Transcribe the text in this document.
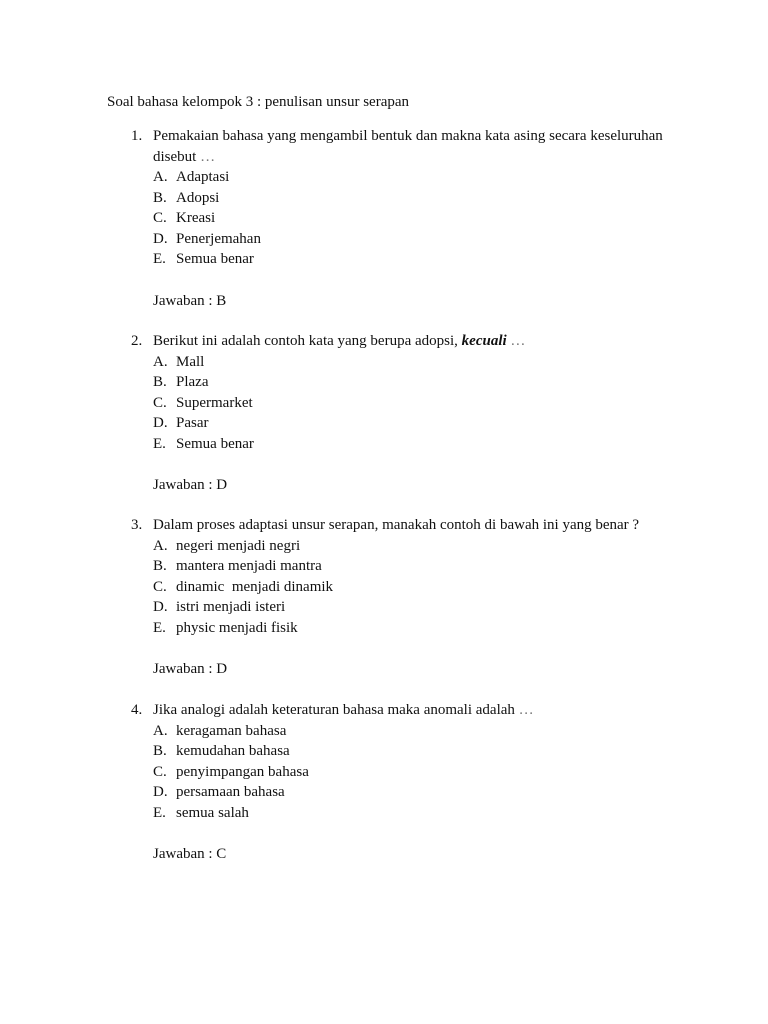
Soal bahasa kelompok 3 : penulisan unsur serapan
1. Pemakaian bahasa yang mengambil bentuk dan makna kata asing secara keseluruhan disebut …
A. Adaptasi
B. Adopsi
C. Kreasi
D. Penerjemahan
E. Semua benar
Jawaban : B
2. Berikut ini adalah contoh kata yang berupa adopsi, kecuali …
A. Mall
B. Plaza
C. Supermarket
D. Pasar
E. Semua benar
Jawaban : D
3. Dalam proses adaptasi unsur serapan, manakah contoh di bawah ini yang benar ?
A. negeri menjadi negri
B. mantera menjadi mantra
C. dinamic  menjadi dinamik
D. istri menjadi isteri
E. physic menjadi fisik
Jawaban : D
4. Jika analogi adalah keteraturan bahasa maka anomali adalah …
A. keragaman bahasa
B. kemudahan bahasa
C. penyimpangan bahasa
D. persamaan bahasa
E. semua salah
Jawaban : C
